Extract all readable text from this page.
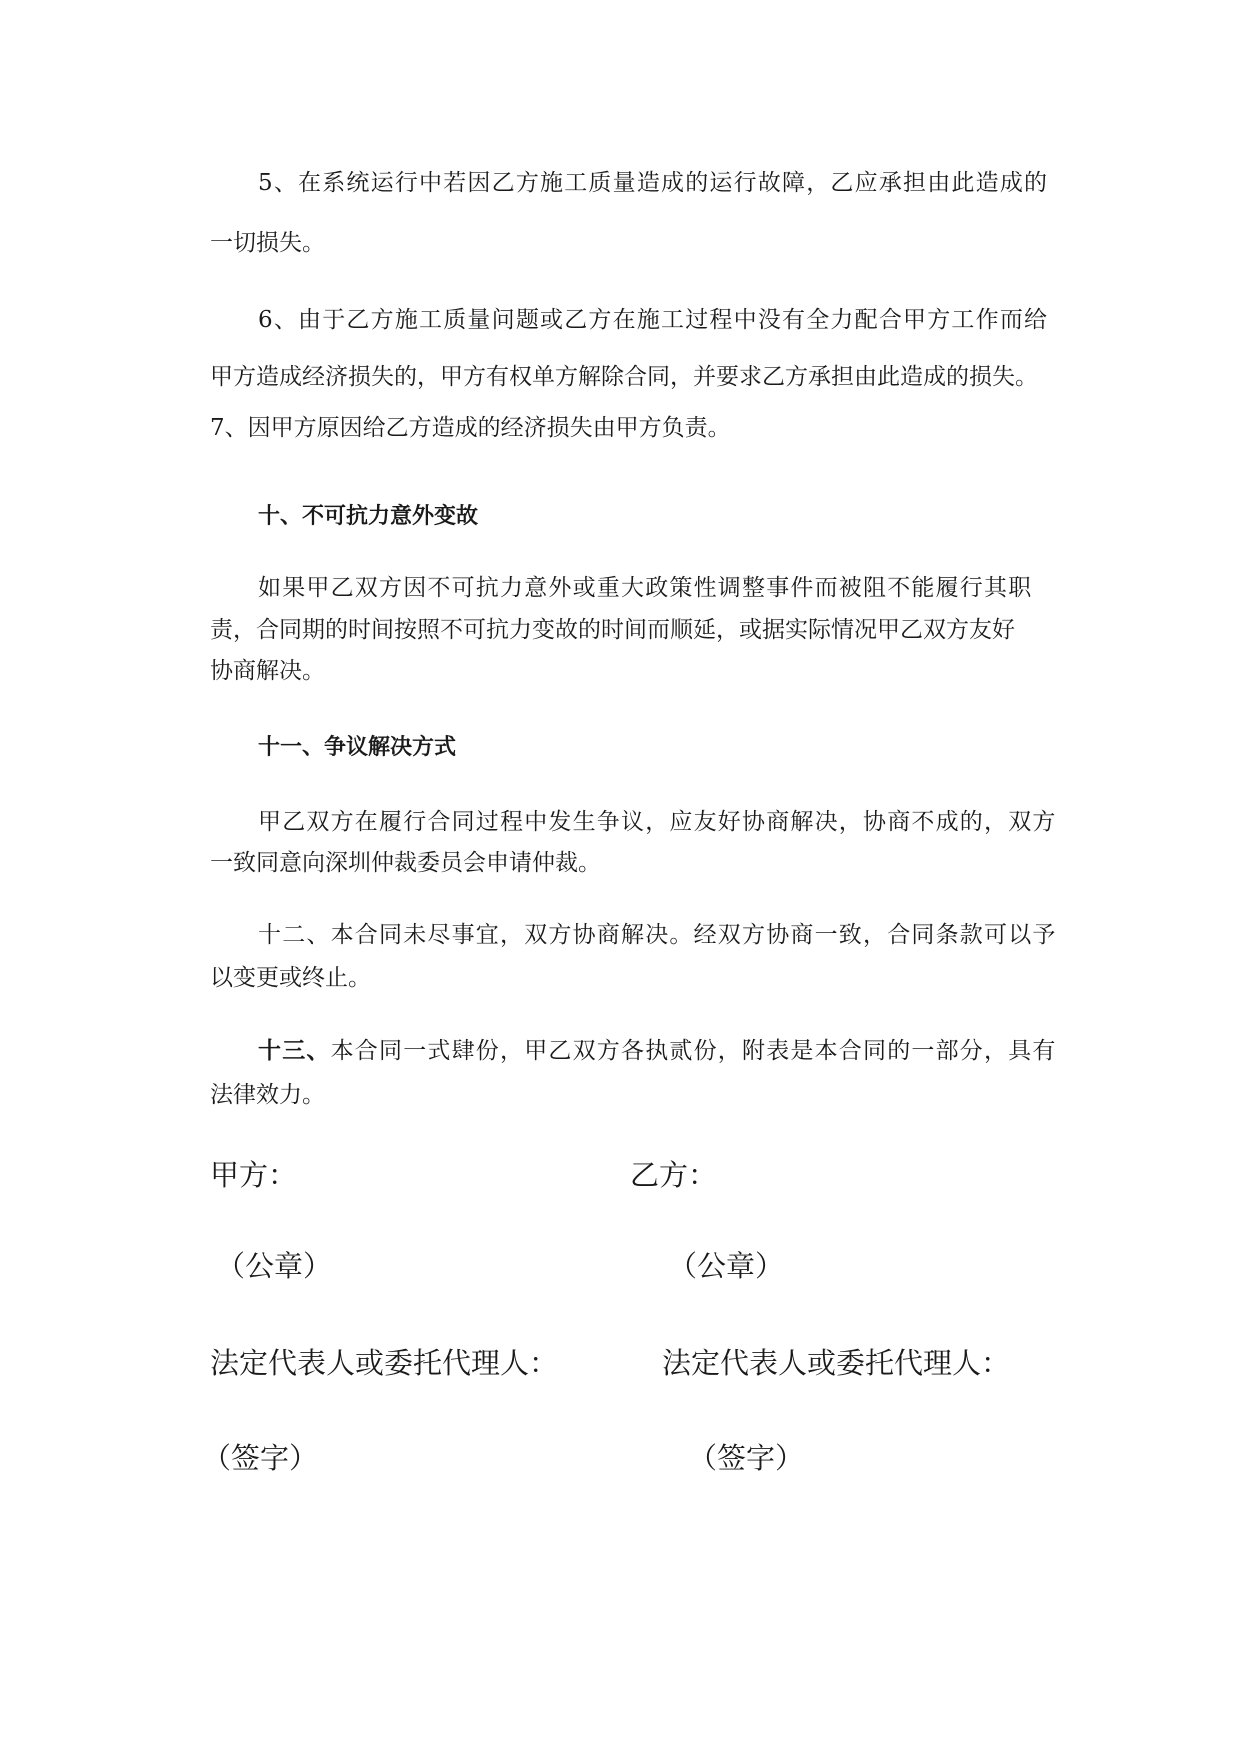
5、在系统运行中若因乙方施工质量造成的运行故障，乙应承担由此造成的
一切损失。
6、由于乙方施工质量问题或乙方在施工过程中没有全力配合甲方工作而给
甲方造成经济损失的，甲方有权单方解除合同，并要求乙方承担由此造成的损失。
7、因甲方原因给乙方造成的经济损失由甲方负责。
十、不可抗力意外变故
如果甲乙双方因不可抗力意外或重大政策性调整事件而被阻不能履行其职
责，合同期的时间按照不可抗力变故的时间而顺延，或据实际情况甲乙双方友好
协商解决。
十一、争议解决方式
甲乙双方在履行合同过程中发生争议，应友好协商解决，协商不成的，双方
一致同意向深圳仲裁委员会申请仲裁。
十二、本合同未尽事宜，双方协商解决。经双方协商一致，合同条款可以予
以变更或终止。
十三、本合同一式肆份，甲乙双方各执贰份，附表是本合同的一部分，具有
法律效力。
甲方：
（公章）
法定代表人或委托代理人：
（签字）
乙方：
（公章）
法定代表人或委托代理人：
（签字）
